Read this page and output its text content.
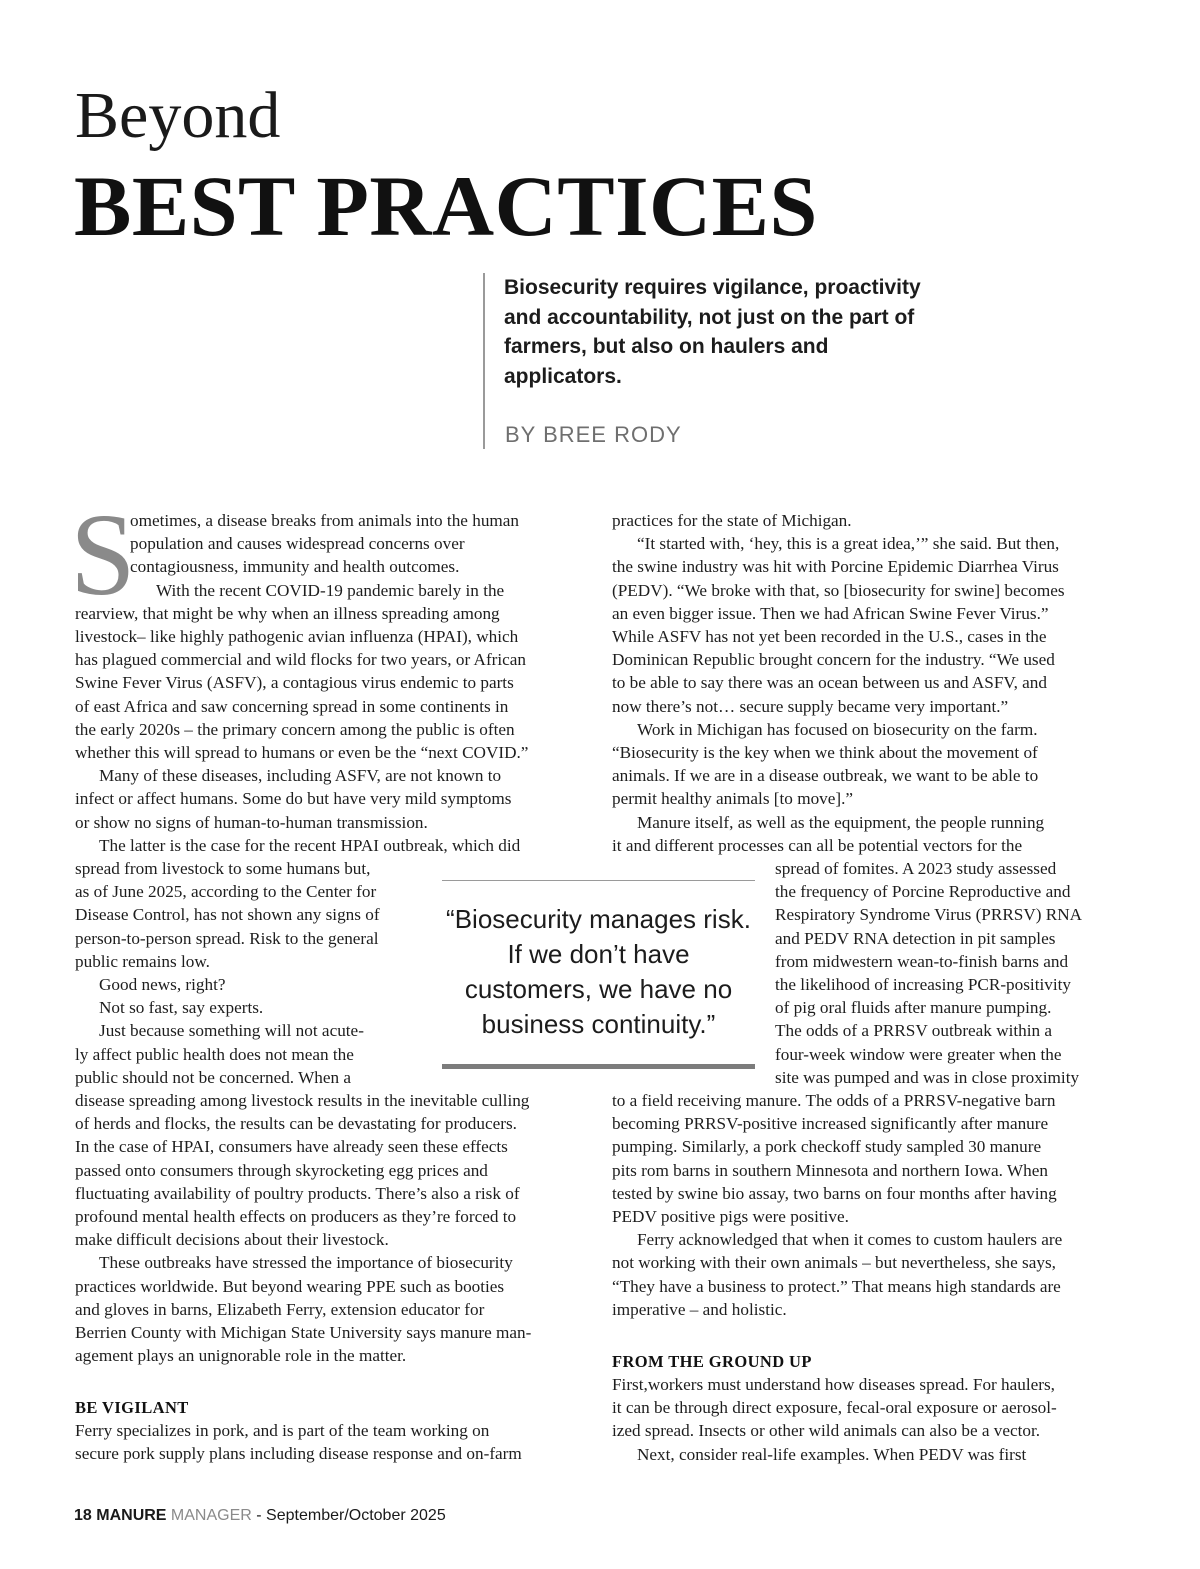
Beyond
BEST PRACTICES

Biosecurity requires vigilance, proactivity and accountability, not just on the part of farmers, but also on haulers and applicators.

BY BREE RODY

S
ometimes, a disease breaks from animals into the human
population and causes widespread concerns over
contagiousness, immunity and health outcomes.
With the recent COVID-19 pandemic barely in the
rearview, that might be why when an illness spreading among
livestock– like highly pathogenic avian influenza (HPAI), which
has plagued commercial and wild flocks for two years, or African
Swine Fever Virus (ASFV), a contagious virus endemic to parts
of east Africa and saw concerning spread in some continents in
the early 2020s – the primary concern among the public is often
whether this will spread to humans or even be the “next COVID.”
Many of these diseases, including ASFV, are not known to
infect or affect humans. Some do but have very mild symptoms
or show no signs of human-to-human transmission.
The latter is the case for the recent HPAI outbreak, which did
spread from livestock to some humans but,
as of June 2025, according to the Center for
Disease Control, has not shown any signs of
person-to-person spread. Risk to the general
public remains low.
Good news, right?
Not so fast, say experts.
Just because something will not acute-
ly affect public health does not mean the
public should not be concerned. When a
disease spreading among livestock results in the inevitable culling
of herds and flocks, the results can be devastating for producers.
In the case of HPAI, consumers have already seen these effects
passed onto consumers through skyrocketing egg prices and
fluctuating availability of poultry products. There’s also a risk of
profound mental health effects on producers as they’re forced to
make difficult decisions about their livestock.
These outbreaks have stressed the importance of biosecurity
practices worldwide. But beyond wearing PPE such as booties
and gloves in barns, Elizabeth Ferry, extension educator for
Berrien County with Michigan State University says manure man-
agement plays an unignorable role in the matter.
BE VIGILANT
Ferry specializes in pork, and is part of the team working on
secure pork supply plans including disease response and on-farm
practices for the state of Michigan.
“It started with, ‘hey, this is a great idea,’” she said. But then,
the swine industry was hit with Porcine Epidemic Diarrhea Virus
(PEDV). “We broke with that, so [biosecurity for swine] becomes
an even bigger issue. Then we had African Swine Fever Virus.”
While ASFV has not yet been recorded in the U.S., cases in the
Dominican Republic brought concern for the industry. “We used
to be able to say there was an ocean between us and ASFV, and
now there’s not… secure supply became very important.”
Work in Michigan has focused on biosecurity on the farm.
“Biosecurity is the key when we think about the movement of
animals. If we are in a disease outbreak, we want to be able to
permit healthy animals [to move].”
Manure itself, as well as the equipment, the people running
it and different processes can all be potential vectors for the
spread of fomites. A 2023 study assessed
the frequency of Porcine Reproductive and
Respiratory Syndrome Virus (PRRSV) RNA
and PEDV RNA detection in pit samples
from midwestern wean-to-finish barns and
the likelihood of increasing PCR-positivity
of pig oral fluids after manure pumping.
The odds of a PRRSV outbreak within a
four-week window were greater when the
site was pumped and was in close proximity
to a field receiving manure. The odds of a PRRSV-negative barn
becoming PRRSV-positive increased significantly after manure
pumping. Similarly, a pork checkoff study sampled 30 manure
pits rom barns in southern Minnesota and northern Iowa. When
tested by swine bio assay, two barns on four months after having
PEDV positive pigs were positive.
Ferry acknowledged that when it comes to custom haulers are
not working with their own animals – but nevertheless, she says,
“They have a business to protect.” That means high standards are
imperative – and holistic.
FROM THE GROUND UP
First,workers must understand how diseases spread. For haulers,
it can be through direct exposure, fecal-oral exposure or aerosol-
ized spread. Insects or other wild animals can also be a vector.
Next, consider real-life examples. When PEDV was first

“Biosecurity manages risk. If we don’t have customers, we have no business continuity.”

18 MANURE MANAGER - September/October 2025
